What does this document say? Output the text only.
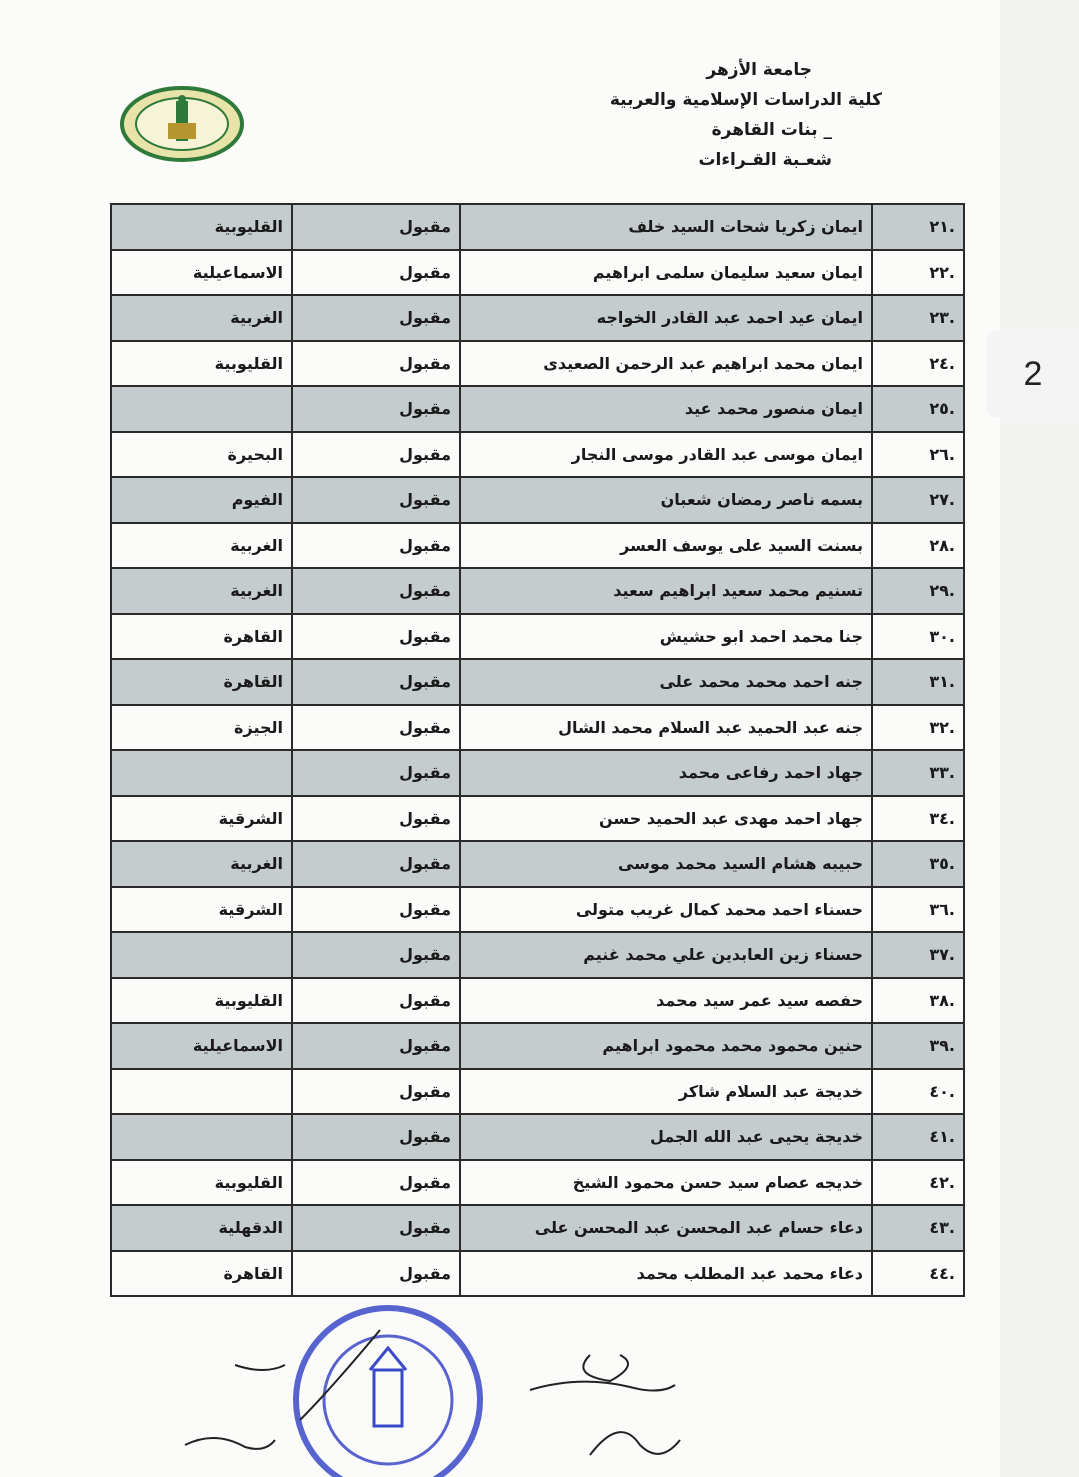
جامعة الأزهر
كلية الدراسات الإسلامية والعربية
_ بنات القاهرة
شعـبة القـراءات
.٢١	ايمان زكريا شحات السيد خلف	مقبول	القليوبية
.٢٢	ايمان سعيد سليمان سلمى ابراهيم	مقبول	الاسماعيلية
.٢٣	ايمان عيد احمد عبد القادر الخواجه	مقبول	الغربية
.٢٤	ايمان محمد ابراهيم عبد الرحمن الصعيدى	مقبول	القليوبية
.٢٥	ايمان منصور محمد عيد	مقبول	
.٢٦	ايمان موسى عبد القادر موسى النجار	مقبول	البحيرة
.٢٧	بسمه ناصر رمضان شعبان	مقبول	الفيوم
.٢٨	بسنت السيد على يوسف العسر	مقبول	الغربية
.٢٩	تسنيم محمد سعيد ابراهيم سعيد	مقبول	الغربية
.٣٠	جنا محمد احمد ابو حشيش	مقبول	القاهرة
.٣١	جنه احمد محمد محمد على	مقبول	القاهرة
.٣٢	جنه عبد الحميد عبد السلام محمد الشال	مقبول	الجيزة
.٣٣	جهاد احمد رفاعى محمد	مقبول	
.٣٤	جهاد احمد مهدى عبد الحميد حسن	مقبول	الشرقية
.٣٥	حبيبه هشام السيد محمد موسى	مقبول	الغربية
.٣٦	حسناء احمد محمد كمال غريب متولى	مقبول	الشرقية
.٣٧	حسناء زين العابدين علي محمد غنيم	مقبول	
.٣٨	حفصه سيد عمر سيد محمد	مقبول	القليوبية
.٣٩	حنين محمود محمد محمود ابراهيم	مقبول	الاسماعيلية
.٤٠	خديجة عبد السلام شاكر	مقبول	
.٤١	خديجة يحيى عبد الله الجمل	مقبول	
.٤٢	خديجه عصام سيد حسن محمود الشيخ	مقبول	القليوبية
.٤٣	دعاء حسام عبد المحسن عبد المحسن على	مقبول	الدقهلية
.٤٤	دعاء محمد عبد المطلب محمد	مقبول	القاهرة
2
